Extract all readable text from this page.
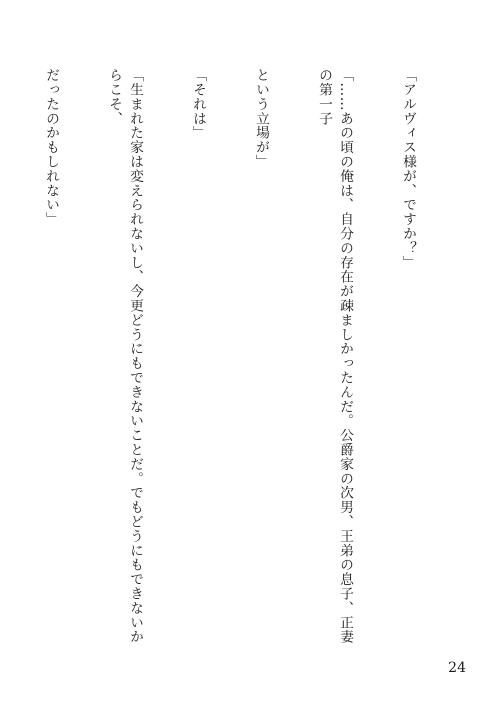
「アルヴィス様が、ですか？」

「……あの頃の俺は、自分の存在が疎ましかったんだ。公爵家の次男、王弟の息子、正妻の第一子

という立場が」

「それは」

「生まれた家は変えられないし、今更どうにもできないことだ。でもどうにもできないからこそ、

だったのかもしれない」

24
